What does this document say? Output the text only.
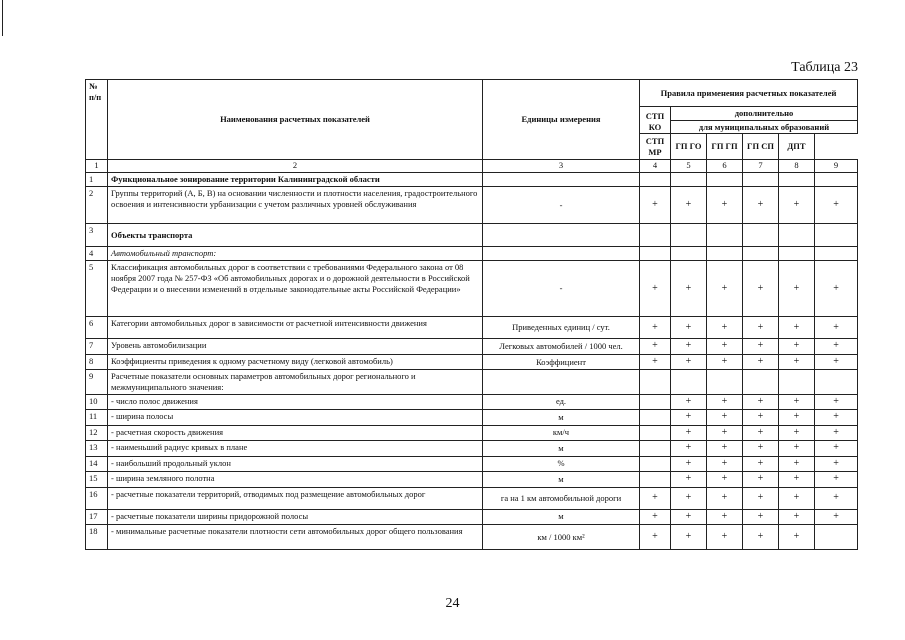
Таблица 23
№ п/п	Наименования расчетных показателей	Единицы измерения	Правила применения расчетных показателей					
			СТП КО	дополнительно				
				для муниципальных образований				
			СТП МР	ГП ГО	ГП ГП	ГП СП	ДПТ	
1	2	3	4	5	6	7	8	9
1	Функциональное зонирование территории Калининградской области							
2	Группы территорий (А, Б, В) на основании численности и плотности населения, градостроительного освоения и интенсивности урбанизации с учетом различных уровней обслуживания	-	+	+	+	+	+	+
3	Объекты транспорта							
4	Автомобильный транспорт:							
5	Классификация автомобильных дорог в соответствии с требованиями Федерального закона от 08 ноября 2007 года № 257-ФЗ «Об автомобильных дорогах и о дорожной деятельности в Российской Федерации и о внесении изменений в отдельные законодательные акты Российской Федерации»	-	+	+	+	+	+	+
6	Категории автомобильных дорог в зависимости от расчетной интенсивности движения	Приведенных единиц / сут.	+	+	+	+	+	+
7	Уровень автомобилизации	Легковых автомобилей / 1000 чел.	+	+	+	+	+	+
8	Коэффициенты приведения к одному расчетному виду (легковой автомобиль)	Коэффициент	+	+	+	+	+	+
9	Расчетные показатели основных параметров автомобильных дорог регионального и межмуниципального значения:							
10	- число полос движения	ед.		+	+	+	+	+
11	- ширина полосы	м		+	+	+	+	+
12	- расчетная скорость движения	км/ч		+	+	+	+	+
13	- наименьший радиус кривых в плане	м		+	+	+	+	+
14	- наибольший продольный уклон	%		+	+	+	+	+
15	- ширина земляного полотна	м		+	+	+	+	+
16	- расчетные показатели территорий, отводимых под размещение автомобильных дорог	га на 1 км автомобильной дороги	+	+	+	+	+	+
17	- расчетные показатели ширины придорожной полосы	м	+	+	+	+	+	+
18	- минимальные расчетные показатели плотности сети автомобильных дорог общего пользования	км / 1000 км²	+	+	+	+	+	
24
